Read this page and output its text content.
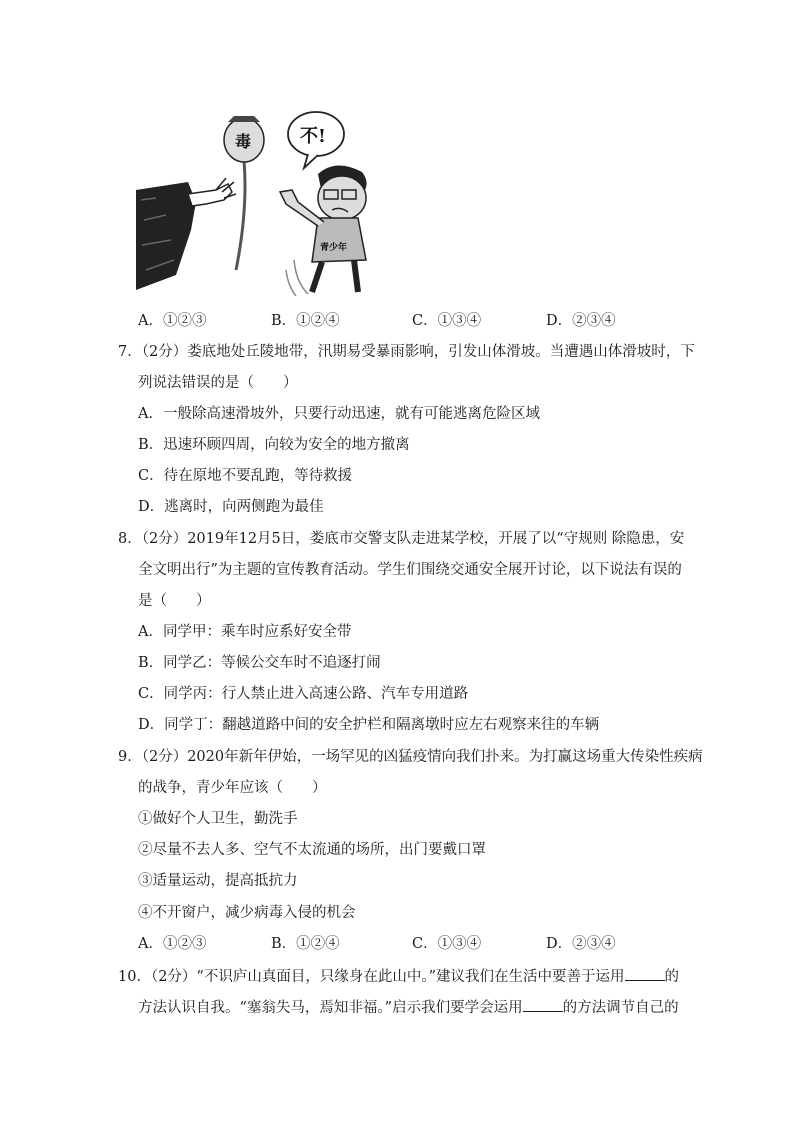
毒	不!
青少年
A．①②③	B．①②④	C．①③④	D．②③④
7．（2分）娄底地处丘陵地带，汛期易受暴雨影响，引发山体滑坡。当遭遇山体滑坡时，下
列说法错误的是（　　）
A．一般除高速滑坡外，只要行动迅速，就有可能逃离危险区域
B．迅速环顾四周，向较为安全的地方撤离
C．待在原地不要乱跑，等待救援
D．逃离时，向两侧跑为最佳
8．（2分）2019年12月5日，娄底市交警支队走进某学校，开展了以“守规则 除隐患，安
全文明出行”为主题的宣传教育活动。学生们围绕交通安全展开讨论，以下说法有误的
是（　　）
A．同学甲：乘车时应系好安全带
B．同学乙：等候公交车时不追逐打闹
C．同学丙：行人禁止进入高速公路、汽车专用道路
D．同学丁：翻越道路中间的安全护栏和隔离墩时应左右观察来往的车辆
9．（2分）2020年新年伊始，一场罕见的凶猛疫情向我们扑来。为打赢这场重大传染性疾病
的战争，青少年应该（　　）
①做好个人卫生，勤洗手
②尽量不去人多、空气不太流通的场所，出门要戴口罩
③适量运动，提高抵抗力
④不开窗户，减少病毒入侵的机会
A．①②③	B．①②④	C．①③④	D．②③④
10．（2分）“不识庐山真面目，只缘身在此山中。”建议我们在生活中要善于运用	的
方法认识自我。“塞翁失马，焉知非福。”启示我们要学会运用	的方法调节自己的
